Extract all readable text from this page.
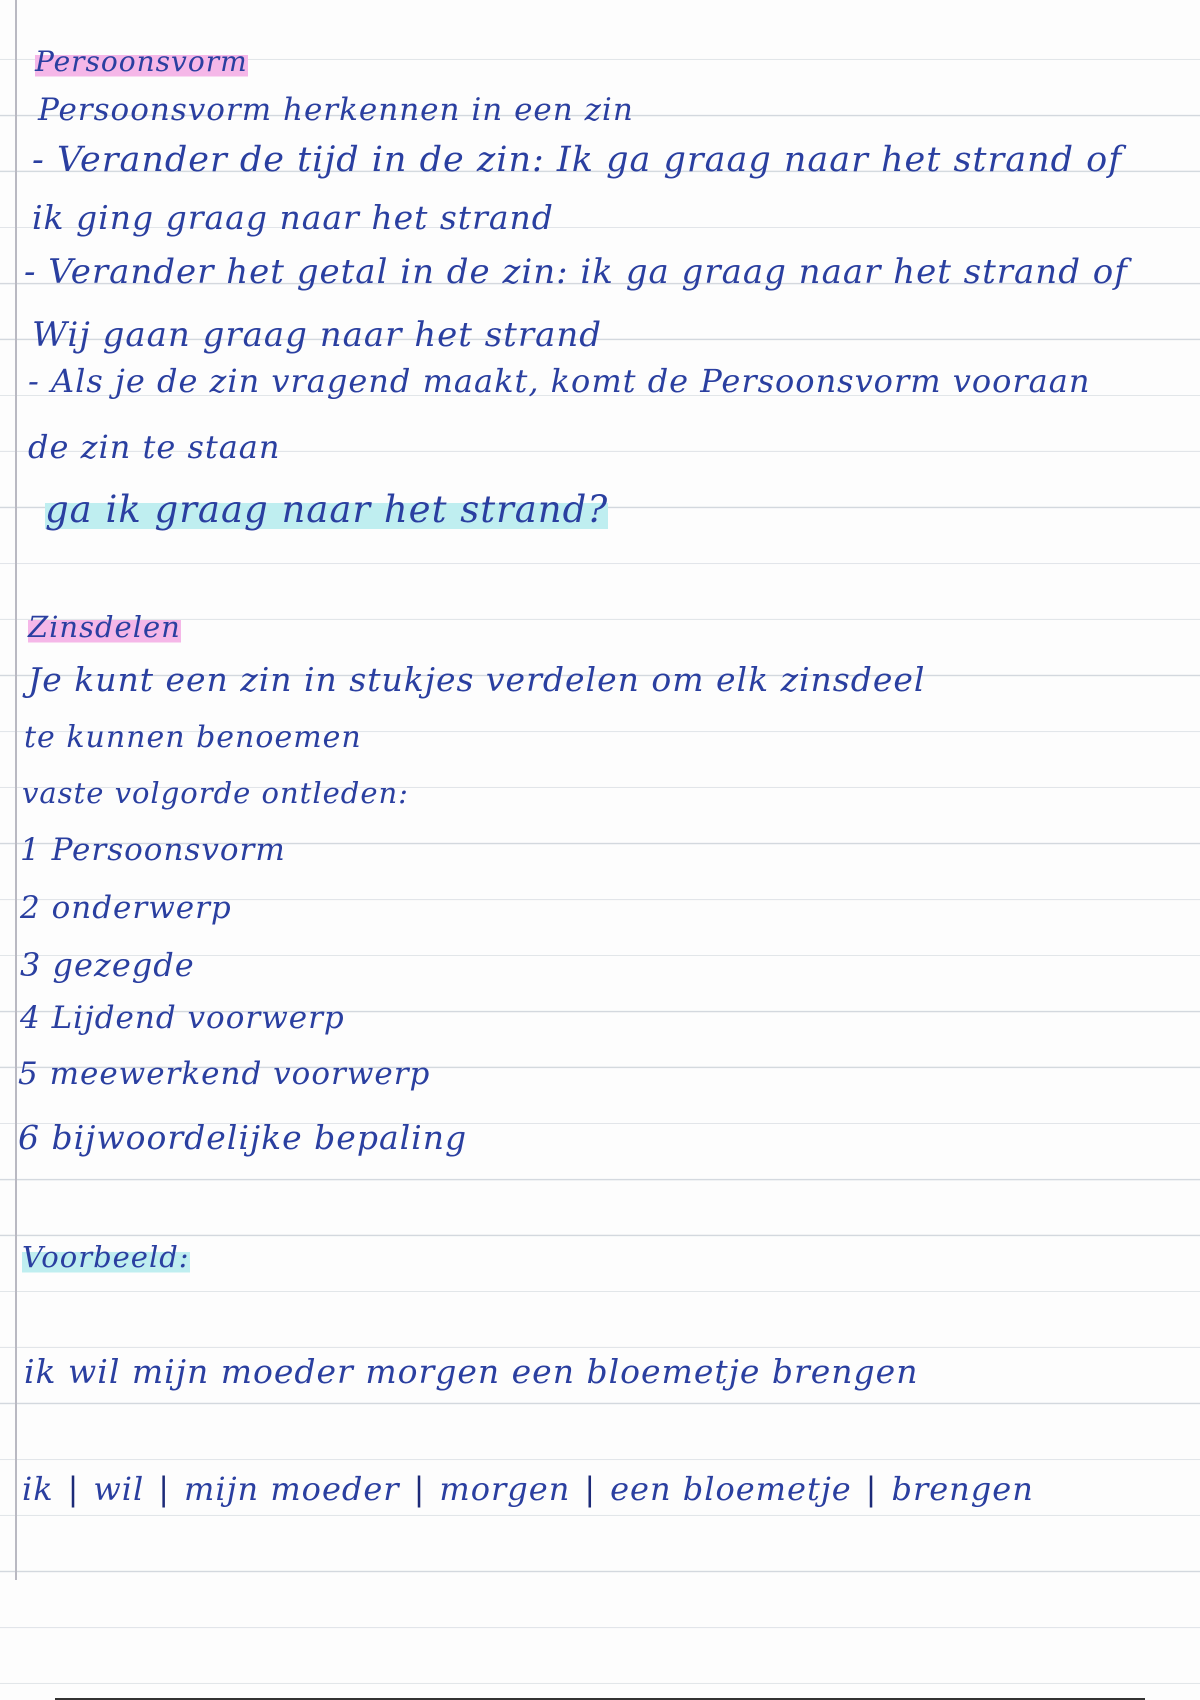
Persoonsvorm
Persoonsvorm herkennen in een zin
- Verander de tijd in de zin: Ik ga graag naar het strand of
ik ging graag naar het strand
- Verander het getal in de zin: ik ga graag naar het strand of
Wij gaan graag naar het strand
- Als je de zin vragend maakt, komt de Persoonsvorm vooraan
de zin te staan
ga ik graag naar het strand?
Zinsdelen
Je kunt een zin in stukjes verdelen om elk zinsdeel
te kunnen benoemen
vaste volgorde ontleden:
1 Persoonsvorm
2 onderwerp
3 gezegde
4 Lijdend voorwerp
5 meewerkend voorwerp
6 bijwoordelijke bepaling
Voorbeeld:
ik wil mijn moeder morgen een bloemetje brengen
ik | wil | mijn moeder | morgen | een bloemetje | brengen
